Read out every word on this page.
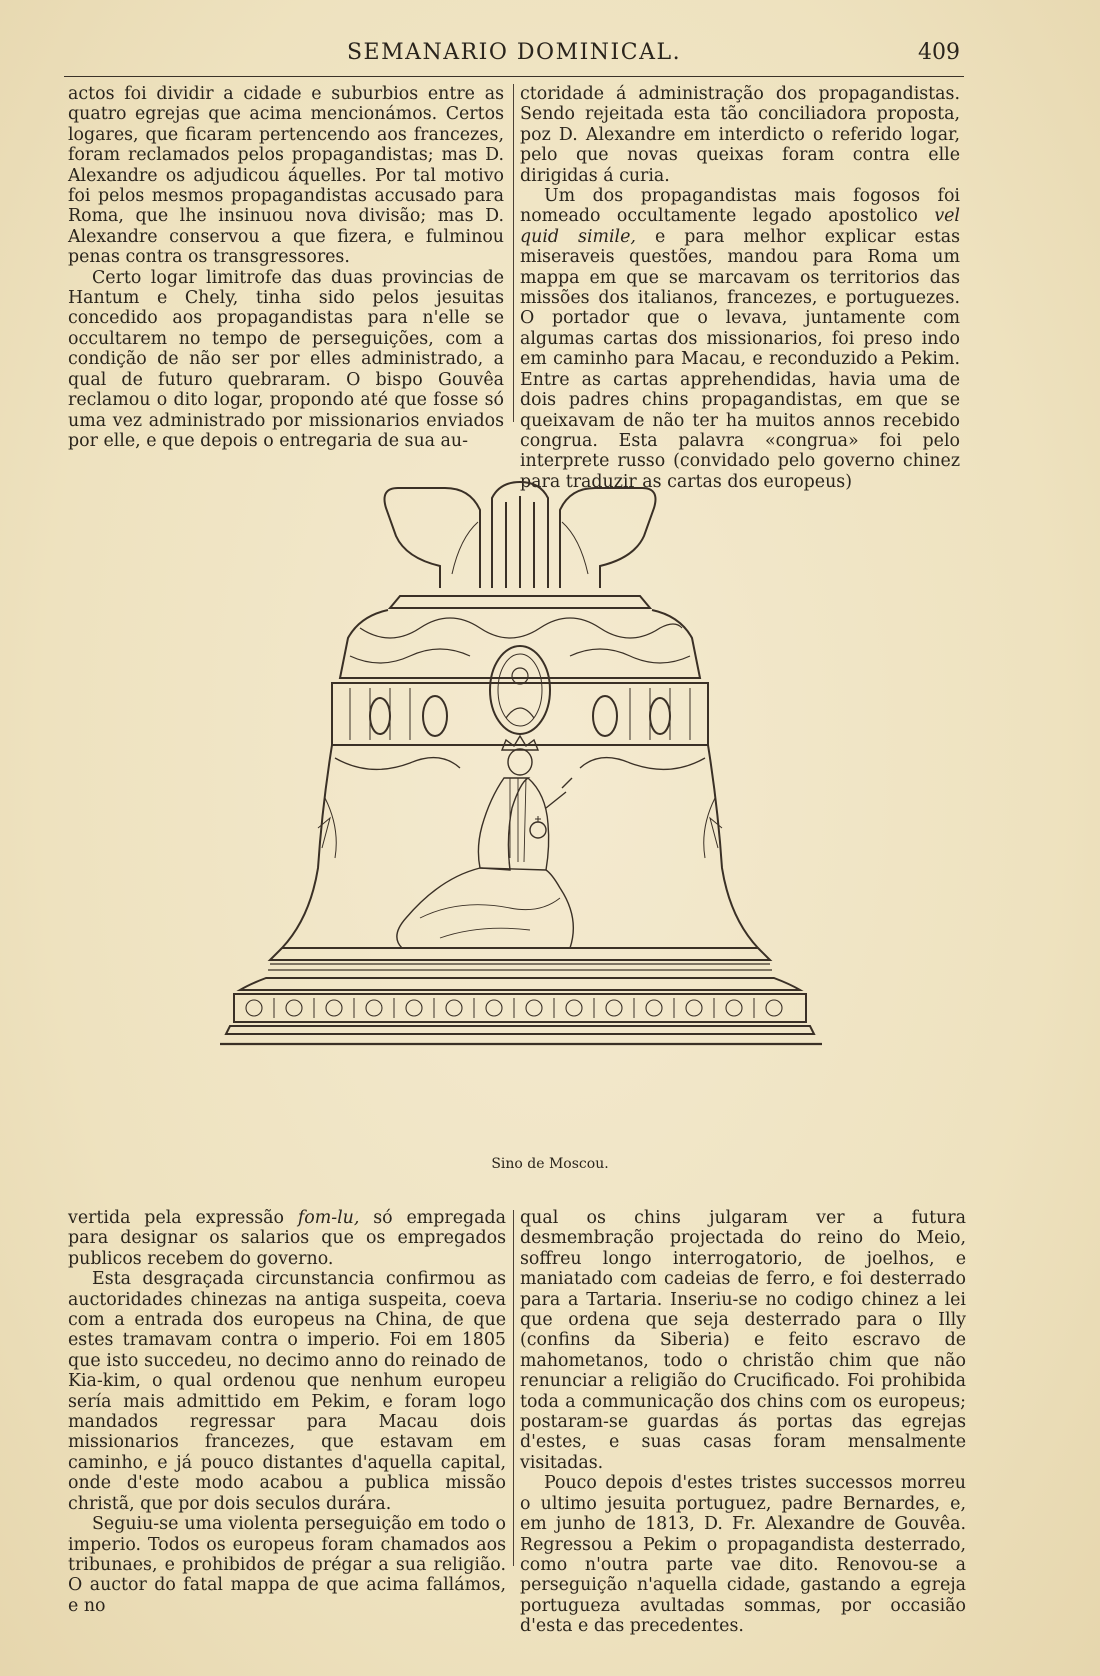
SEMANARIO DOMINICAL.	409

actos foi dividir a cidade e suburbios entre as quatro egrejas que acima mencionámos. Certos logares, que ficaram pertencendo aos francezes, foram reclamados pelos propagandistas; mas D. Alexandre os adjudicou áquelles. Por tal motivo foi pelos mesmos propagandistas accusado para Roma, que lhe insinuou nova divisão; mas D. Alexandre conservou a que fizera, e fulminou penas contra os transgressores.

Certo logar limitrofe das duas provincias de Hantum e Chely, tinha sido pelos jesuitas concedido aos propagandistas para n'elle se occultarem no tempo de perseguições, com a condição de não ser por elles administrado, a qual de futuro quebraram. O bispo Gouvêa reclamou o dito logar, propondo até que fosse só uma vez administrado por missionarios enviados por elle, e que depois o entregaria de sua au-

ctoridade á administração dos propagandistas. Sendo rejeitada esta tão conciliadora proposta, poz D. Alexandre em interdicto o referido logar, pelo que novas queixas foram contra elle dirigidas á curia.

Um dos propagandistas mais fogosos foi nomeado occultamente legado apostolico vel quid simile, e para melhor explicar estas miseraveis questões, mandou para Roma um mappa em que se marcavam os territorios das missões dos italianos, francezes, e portuguezes. O portador que o levava, juntamente com algumas cartas dos missionarios, foi preso indo em caminho para Macau, e reconduzido a Pekim. Entre as cartas apprehendidas, havia uma de dois padres chins propagandistas, em que se queixavam de não ter ha muitos annos recebido congrua. Esta palavra «congrua» foi pelo interprete russo (convidado pelo governo chinez para traduzir as cartas dos europeus)

Sino de Moscou.

vertida pela expressão fom-lu, só empregada para designar os salarios que os empregados publicos recebem do governo.

Esta desgraçada circunstancia confirmou as auctoridades chinezas na antiga suspeita, coeva com a entrada dos europeus na China, de que estes tramavam contra o imperio. Foi em 1805 que isto succedeu, no decimo anno do reinado de Kia-kim, o qual ordenou que nenhum europeu sería mais admittido em Pekim, e foram logo mandados regressar para Macau dois missionarios francezes, que estavam em caminho, e já pouco distantes d'aquella capital, onde d'este modo acabou a publica missão christã, que por dois seculos durára.

Seguiu-se uma violenta perseguição em todo o imperio. Todos os europeus foram chamados aos tribunaes, e prohibidos de prégar a sua religião. O auctor do fatal mappa de que acima fallámos, e no

qual os chins julgaram ver a futura desmembração projectada do reino do Meio, soffreu longo interrogatorio, de joelhos, e maniatado com cadeias de ferro, e foi desterrado para a Tartaria. Inseriu-se no codigo chinez a lei que ordena que seja desterrado para o Illy (confins da Siberia) e feito escravo de mahometanos, todo o christão chim que não renunciar a religião do Crucificado. Foi prohibida toda a communicação dos chins com os europeus; postaram-se guardas ás portas das egrejas d'estes, e suas casas foram mensalmente visitadas.

Pouco depois d'estes tristes successos morreu o ultimo jesuita portuguez, padre Bernardes, e, em junho de 1813, D. Fr. Alexandre de Gouvêa. Regressou a Pekim o propagandista desterrado, como n'outra parte vae dito. Renovou-se a perseguição n'aquella cidade, gastando a egreja portugueza avultadas sommas, por occasião d'esta e das precedentes.
